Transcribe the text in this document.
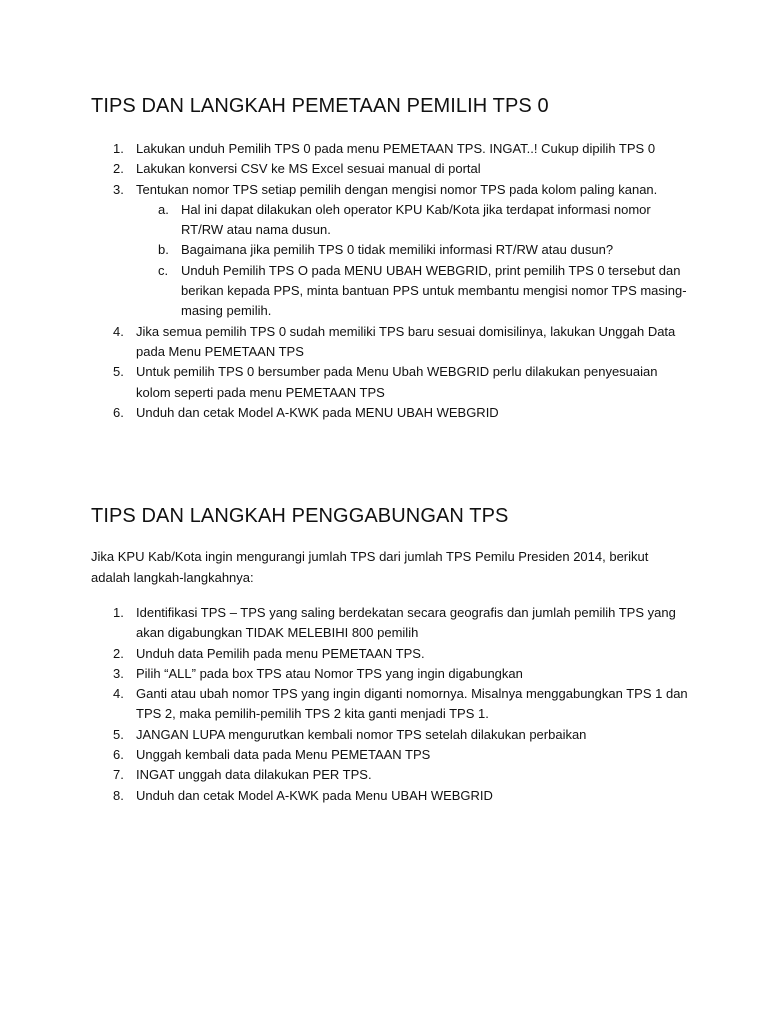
TIPS DAN LANGKAH PEMETAAN PEMILIH TPS 0
1. Lakukan unduh Pemilih TPS 0 pada menu PEMETAAN TPS. INGAT..! Cukup dipilih TPS 0
2. Lakukan konversi CSV ke MS Excel sesuai manual di portal
3. Tentukan nomor TPS setiap pemilih dengan mengisi nomor TPS pada kolom paling kanan.
a. Hal ini dapat dilakukan oleh operator KPU Kab/Kota jika terdapat informasi nomor RT/RW atau nama dusun.
b. Bagaimana jika pemilih TPS 0 tidak memiliki informasi RT/RW atau dusun?
c. Unduh Pemilih TPS O pada MENU UBAH WEBGRID, print pemilih TPS 0 tersebut dan berikan kepada PPS, minta bantuan PPS untuk membantu mengisi nomor TPS masing-masing pemilih.
4. Jika semua pemilih TPS 0 sudah memiliki TPS baru sesuai domisilinya, lakukan Unggah Data pada Menu PEMETAAN TPS
5. Untuk pemilih TPS 0 bersumber pada Menu Ubah WEBGRID perlu dilakukan penyesuaian kolom seperti pada menu PEMETAAN TPS
6. Unduh dan cetak Model A-KWK pada MENU UBAH WEBGRID
TIPS DAN LANGKAH PENGGABUNGAN TPS

Jika KPU Kab/Kota ingin mengurangi jumlah TPS dari jumlah TPS Pemilu Presiden 2014, berikut adalah langkah-langkahnya:

1. Identifikasi TPS – TPS yang saling berdekatan secara geografis dan jumlah pemilih TPS yang akan digabungkan TIDAK MELEBIHI 800 pemilih
2. Unduh data Pemilih pada menu PEMETAAN TPS.
3. Pilih “ALL” pada box TPS atau Nomor TPS yang ingin digabungkan
4. Ganti atau ubah nomor TPS yang ingin diganti nomornya. Misalnya menggabungkan TPS 1 dan TPS 2, maka pemilih-pemilih TPS 2 kita ganti menjadi TPS 1.
5. JANGAN LUPA mengurutkan kembali nomor TPS setelah dilakukan perbaikan
6. Unggah kembali data pada Menu PEMETAAN TPS
7. INGAT unggah data dilakukan PER TPS.
8. Unduh dan cetak Model A-KWK pada Menu UBAH WEBGRID
